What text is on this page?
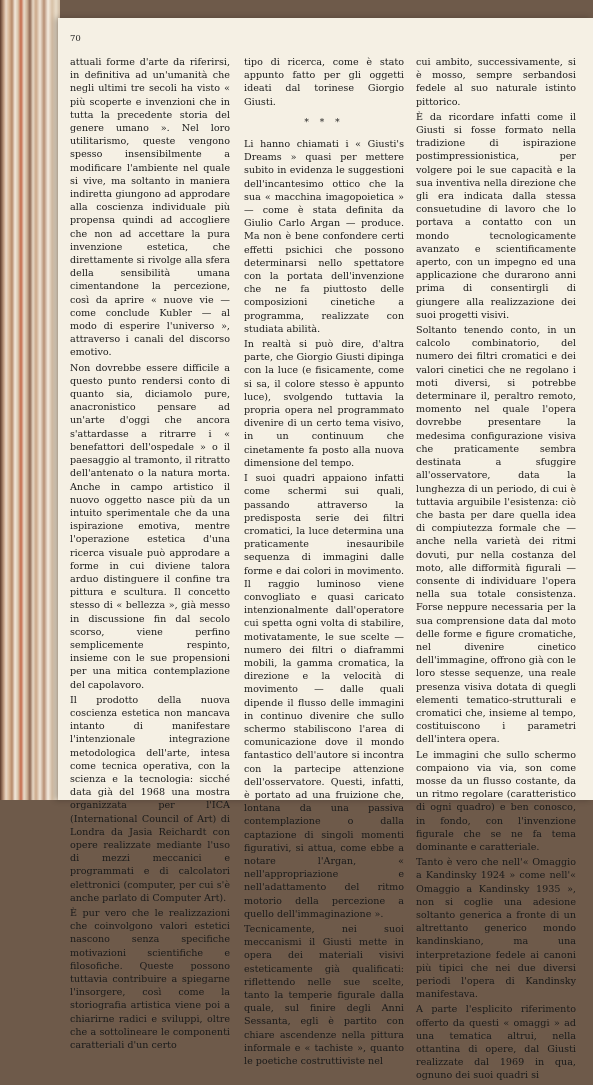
70

attuali forme d'arte da riferirsi, in definitiva ad un'umanità che negli ultimi tre secoli ha visto « più scoperte e invenzioni che in tutta la precedente storia del genere umano ». Nel loro utilitarismo, queste vengono spesso insensibilmente a modificare l'ambiente nel quale si vive, ma soltanto in maniera indiretta giungono ad approdare alla coscienza individuale più propensa quindi ad accogliere che non ad accettare la pura invenzione estetica, che direttamente si rivolge alla sfera della sensibilità umana cimentandone la percezione, così da aprire « nuove vie — come conclude Kubler — al modo di esperire l'universo », attraverso i canali del discorso emotivo.

Non dovrebbe essere difficile a questo punto rendersi conto di quanto sia, diciamolo pure, anacronistico pensare ad un'arte d'oggi che ancora s'attardasse a ritrarre i « benefattori dell'ospedale » o il paesaggio al tramonto, il ritratto dell'antenato o la natura morta. Anche in campo artistico il nuovo oggetto nasce più da un intuito sperimentale che da una ispirazione emotiva, mentre l'operazione estetica d'una ricerca visuale può approdare a forme in cui diviene talora arduo distinguere il confine tra pittura e scultura. Il concetto stesso di « bellezza », già messo in discussione fin dal secolo scorso, viene perfino semplicemente respinto, insieme con le sue propensioni per una mitica contemplazione del capolavoro.

Il prodotto della nuova coscienza estetica non mancava intanto di manifestare l'intenzionale integrazione metodologica dell'arte, intesa come tecnica operativa, con la scienza e la tecnologia: sicché data già del 1968 una mostra organizzata per l'ICA (International Council of Art) di Londra da Jasia Reichardt con opere realizzate mediante l'uso di mezzi meccanici e programmati e di calcolatori elettronici (computer, per cui s'è anche parlato di Computer Art).

È pur vero che le realizzazioni che coinvolgono valori estetici nascono senza specifiche motivazioni scientifiche e filosofiche. Queste possono tuttavia contribuire a spiegarne l'insorgere, così come la storiografia artistica viene poi a chiarirne radici e sviluppi, oltre che a sottolineare le componenti caratteriali d'un certo

tipo di ricerca, come è stato appunto fatto per gli oggetti ideati dal torinese Giorgio Giusti.

* * *

Li hanno chiamati i « Giusti's Dreams » quasi per mettere subito in evidenza le suggestioni dell'incantesimo ottico che la sua « macchina imagopoietica » — come è stata definita da Giulio Carlo Argan — produce. Ma non è bene confondere certi effetti psichici che possono determinarsi nello spettatore con la portata dell'invenzione che ne fa piuttosto delle composizioni cinetiche a programma, realizzate con studiata abilità.

In realtà si può dire, d'altra parte, che Giorgio Giusti dipinga con la luce (e fisicamente, come si sa, il colore stesso è appunto luce), svolgendo tuttavia la propria opera nel programmato divenire di un certo tema visivo, in un continuum che cinetamente fa posto alla nuova dimensione del tempo.

I suoi quadri appaiono infatti come schermi sui quali, passando attraverso la predisposta serie dei filtri cromatici, la luce determina una praticamente inesauribile sequenza di immagini dalle forme e dai colori in movimento. Il raggio luminoso viene convogliato e quasi caricato intenzionalmente dall'operatore cui spetta ogni volta di stabilire, motivatamente, le sue scelte — numero dei filtri o diaframmi mobili, la gamma cromatica, la direzione e la velocità di movimento — dalle quali dipende il flusso delle immagini in continuo divenire che sullo schermo stabiliscono l'area di comunicazione dove il mondo fantastico dell'autore si incontra con la partecipe attenzione dell'osservatore. Questi, infatti, è portato ad una fruizione che, lontana da una passiva contemplazione o dalla captazione di singoli momenti figurativi, si attua, come ebbe a notare l'Argan, « nell'appropriazione e nell'adattamento del ritmo motorio della percezione a quello dell'immaginazione ».

Tecnicamente, nei suoi meccanismi il Giusti mette in opera dei materiali visivi esteticamente già qualificati: riflettendo nelle sue scelte, tanto la temperie figurale dalla quale, sul finire degli Anni Sessanta, egli è partito con chiare ascendenze nella pittura informale e « tachiste », quanto le poetiche costruttiviste nel

cui ambito, successivamente, si è mosso, sempre serbandosi fedele al suo naturale istinto pittorico.

È da ricordare infatti come il Giusti si fosse formato nella tradizione di ispirazione postimpressionistica, per volgere poi le sue capacità e la sua inventiva nella direzione che gli era indicata dalla stessa consuetudine di lavoro che lo portava a contatto con un mondo tecnologicamente avanzato e scientificamente aperto, con un impegno ed una applicazione che durarono anni prima di consentirgli di giungere alla realizzazione dei suoi progetti visivi.

Soltanto tenendo conto, in un calcolo combinatorio, del numero dei filtri cromatici e dei valori cinetici che ne regolano i moti diversi, si potrebbe determinare il, peraltro remoto, momento nel quale l'opera dovrebbe presentare la medesima configurazione visiva che praticamente sembra destinata a sfuggire all'osservatore, data la lunghezza di un periodo, di cui è tuttavia arguibile l'esistenza: ciò che basta per dare quella idea di compiutezza formale che — anche nella varietà dei ritmi dovuti, pur nella costanza del moto, alle difformità figurali — consente di individuare l'opera nella sua totale consistenza. Forse neppure necessaria per la sua comprensione data dal moto delle forme e figure cromatiche, nel divenire cinetico dell'immagine, offrono già con le loro stesse sequenze, una reale presenza visiva dotata di quegli elementi tematico-strutturali e cromatici che, insieme al tempo, costituiscono i parametri dell'intera opera.

Le immagini che sullo schermo compaiono via via, son come mosse da un flusso costante, da un ritmo regolare (caratteristico di ogni quadro) e ben conosco, in fondo, con l'invenzione figurale che se ne fa tema dominante e caratteriale.

Tanto è vero che nell'« Omaggio a Kandinsky 1924 » come nell'« Omaggio a Kandinsky 1935 », non si coglie una adesione soltanto generica a fronte di un altrettanto generico mondo kandinskiano, ma una interpretazione fedele ai canoni più tipici che nei due diversi periodi l'opera di Kandinsky manifestava.

A parte l'esplicito riferimento offerto da questi « omaggi » ad una tematica altrui, nella ottantina di opere, dal Giusti realizzate dal 1969 in qua, ognuno dei suoi quadri si
